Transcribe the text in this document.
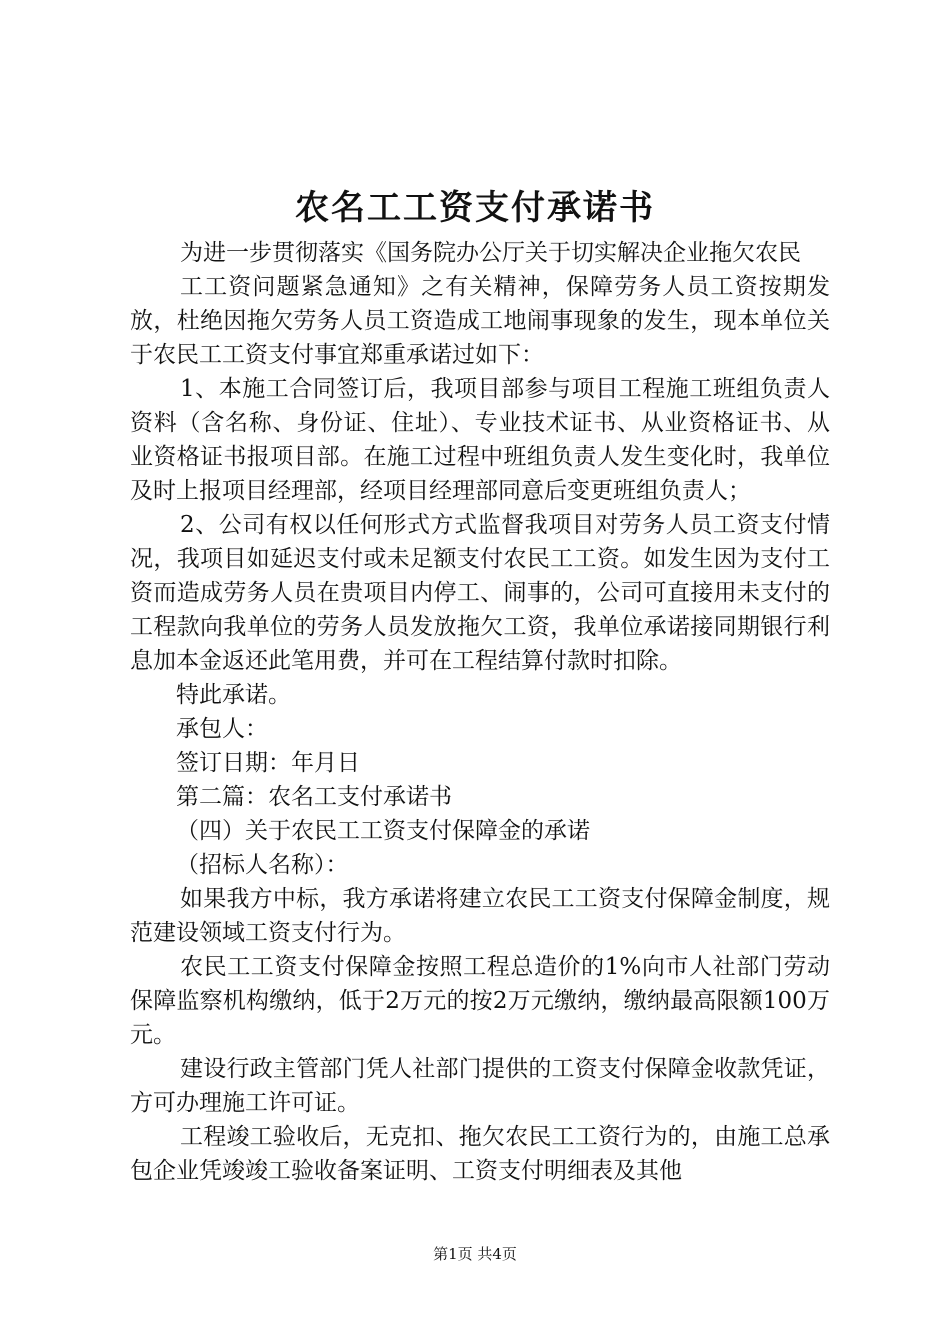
农名工工资支付承诺书

为进一步贯彻落实《国务院办公厅关于切实解决企业拖欠农民

工工资问题紧急通知》之有关精神，保障劳务人员工资按期发放，杜绝因拖欠劳务人员工资造成工地闹事现象的发生，现本单位关于农民工工资支付事宜郑重承诺过如下：

1、本施工合同签订后，我项目部参与项目工程施工班组负责人资料（含名称、身份证、住址）、专业技术证书、从业资格证书、从业资格证书报项目部。在施工过程中班组负责人发生变化时，我单位及时上报项目经理部，经项目经理部同意后变更班组负责人；

2、公司有权以任何形式方式监督我项目对劳务人员工资支付情况，我项目如延迟支付或未足额支付农民工工资。如发生因为支付工资而造成劳务人员在贵项目内停工、闹事的，公司可直接用未支付的工程款向我单位的劳务人员发放拖欠工资，我单位承诺接同期银行利息加本金返还此笔用费，并可在工程结算付款时扣除。

特此承诺。

承包人：

签订日期：年月日

第二篇：农名工支付承诺书

（四）关于农民工工资支付保障金的承诺

（招标人名称）：

如果我方中标，我方承诺将建立农民工工资支付保障金制度，规范建设领域工资支付行为。

农民工工资支付保障金按照工程总造价的1%向市人社部门劳动保障监察机构缴纳，低于2万元的按2万元缴纳，缴纳最高限额100万元。

建设行政主管部门凭人社部门提供的工资支付保障金收款凭证，方可办理施工许可证。

工程竣工验收后，无克扣、拖欠农民工工资行为的，由施工总承包企业凭竣竣工验收备案证明、工资支付明细表及其他

第1页 共4页
